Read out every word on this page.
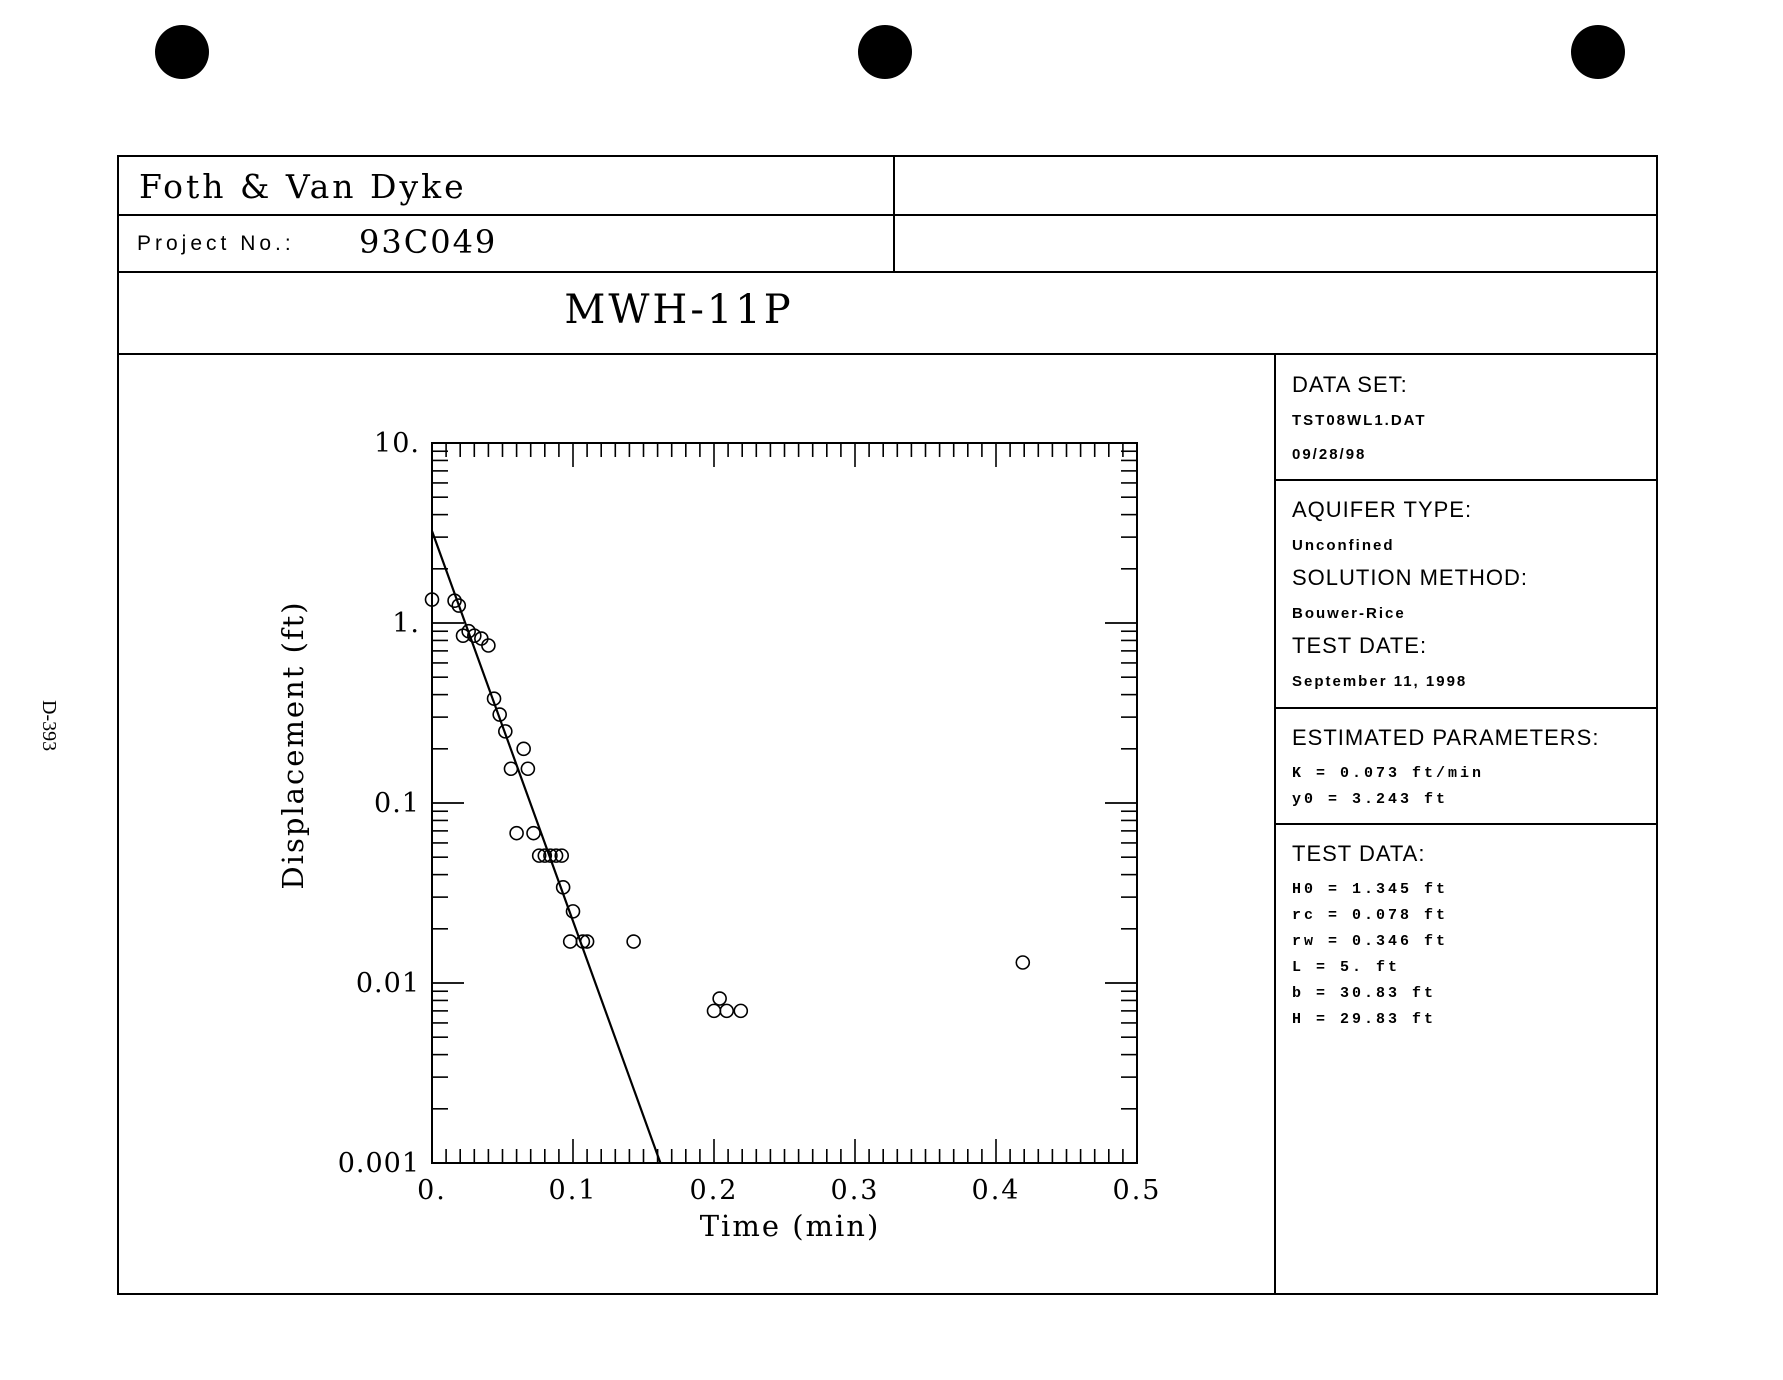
D-393
Foth & Van Dyke
Project No.: 93C049
MWH-11P
DATA SET:
TST08WL1.DAT
09/28/98
AQUIFER TYPE:
Unconfined
SOLUTION METHOD:
Bouwer-Rice
TEST DATE:
September 11, 1998
ESTIMATED PARAMETERS:
K = 0.073 ft/min
y0 = 3.243 ft
TEST DATA:
H0 = 1.345 ft
rc = 0.078 ft
rw = 0.346 ft
L = 5. ft
b = 30.83 ft
H = 29.83 ft
0.	0.1	0.2	0.3	0.4	0.5
10.
1.
0.1
0.01
0.001
Time (min)
Displacement (ft)
